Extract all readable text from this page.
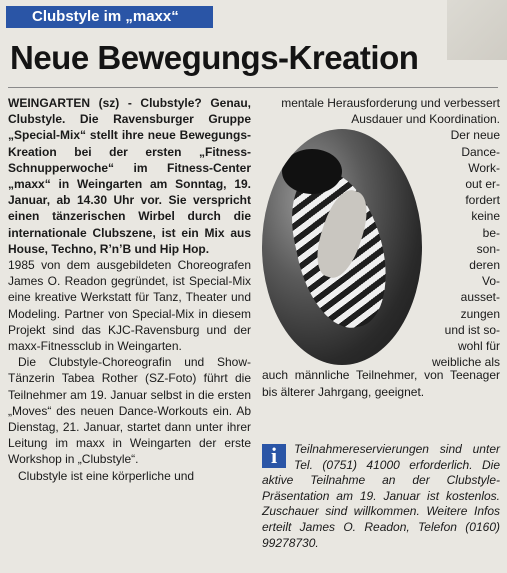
Clubstyle im „maxx“
Neue Bewegungs-Kreation

WEINGARTEN (sz) - Clubstyle? Genau, Clubstyle. Die Ravensburger Gruppe „Special-Mix“ stellt ihre neue Bewegungs-Kreation bei der ersten „Fitness-Schnupperwoche“ im Fitness-Center „maxx“ in Weingarten am Sonntag, 19. Januar, ab 14.30 Uhr vor. Sie verspricht einen tänzerischen Wirbel durch die internationale Clubszene, ist ein Mix aus House, Techno, R’n’B und Hip Hop.

1985 von dem ausgebildeten Choreografen James O. Readon gegründet, ist Special-Mix eine kreative Werkstatt für Tanz, Theater und Modeling. Partner von Special-Mix in diesem Projekt sind das KJC-Ravensburg und der maxx-Fitnessclub in Weingarten.

Die Clubstyle-Choreografin und Show-Tänzerin Tabea Rother (SZ-Foto) führt die Teilnehmer am 19. Januar selbst in die ersten „Moves“ des neuen Dance-Workouts ein. Ab Dienstag, 21. Januar, startet dann unter ihrer Leitung im maxx in Weingarten der erste Workshop in „Clubstyle“.

Clubstyle ist eine körperliche und

mentale Herausforderung und verbessert Ausdauer und Koordination.

Der neue
Dance-
Work-
out er-
fordert
keine
be-
son-
deren
Vo-
ausset-
zungen
und ist so-
wohl für
weibliche als

auch männliche Teilnehmer, von Teenager bis älterer Jahrgang, geeignet.

i	Teilnahmereservierungen sind unter Tel. (0751) 41000 erforderlich. Die aktive Teilnahme an der Clubstyle-Präsentation am 19. Januar ist kostenlos. Zuschauer sind willkommen. Weitere Infos erteilt James O. Readon, Telefon (0160) 99278730.
